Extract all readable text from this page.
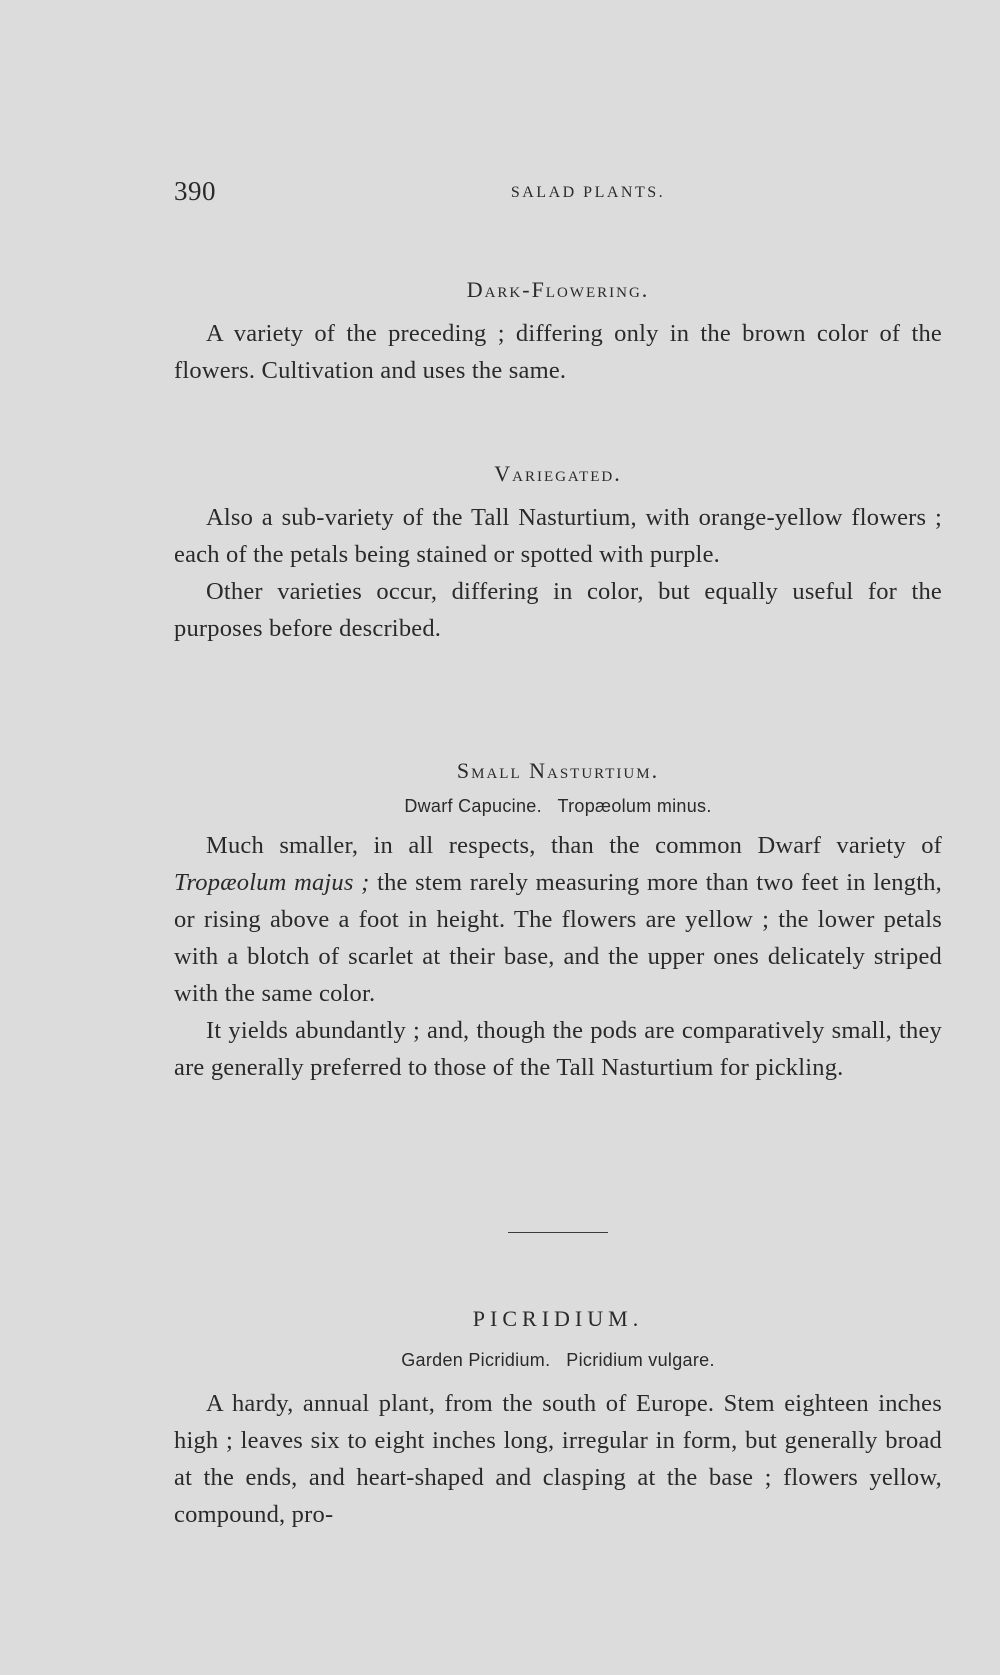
390	SALAD PLANTS.
Dark-Flowering.

A variety of the preceding ; differing only in the brown color of the flowers. Cultivation and uses the same.

Variegated.

Also a sub-variety of the Tall Nasturtium, with orange-yellow flowers ; each of the petals being stained or spotted with purple.

Other varieties occur, differing in color, but equally useful for the purposes before described.

Small Nasturtium.
Dwarf Capucine. Tropæolum minus.

Much smaller, in all respects, than the common Dwarf variety of Tropæolum majus ; the stem rarely measuring more than two feet in length, or rising above a foot in height. The flowers are yellow ; the lower petals with a blotch of scarlet at their base, and the upper ones delicately striped with the same color.

It yields abundantly ; and, though the pods are comparatively small, they are generally preferred to those of the Tall Nasturtium for pickling.

PICRIDIUM.
Garden Picridium. Picridium vulgare.

A hardy, annual plant, from the south of Europe. Stem eighteen inches high ; leaves six to eight inches long, irregular in form, but generally broad at the ends, and heart-shaped and clasping at the base ; flowers yellow, compound, pro-
